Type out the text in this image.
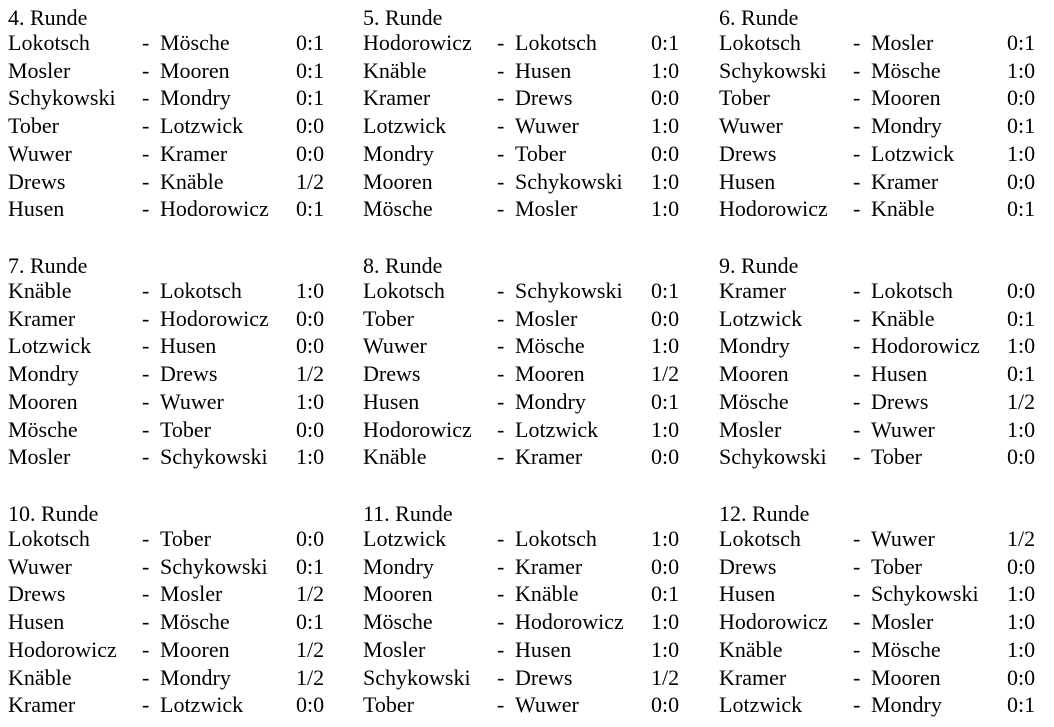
4. Runde
Lokotsch - Mösche	0:1
Mosler	- Mooren	0:1
Schykowski - Mondry	0:1
Tober	- Lotzwick 0:0
Wuwer	- Kramer	0:0
Drews	- Knäble	1/2
Husen	- Hodorowicz 0:1
5. Runde
Hodorowicz - Lokotsch 0:1
Knäble	- Husen	1:0
Kramer	- Drews	0:0
Lotzwick - Wuwer	1:0
Mondry	- Tober	0:0
Mooren	- Schykowski 1:0
Mösche	- Mosler	1:0
6. Runde
Lokotsch - Mosler	0:1
Schykowski - Mösche	1:0
Tober	- Mooren	0:0
Wuwer	- Mondry	0:1
Drews	- Lotzwick 1:0
Husen	- Kramer	0:0
Hodorowicz - Knäble	0:1
7. Runde
Knäble	- Lokotsch 1:0
Kramer	- Hodorowicz 0:0
Lotzwick - Husen	0:0
Mondry	- Drews	1/2
Mooren	- Wuwer	1:0
Mösche	- Tober	0:0
Mosler	- Schykowski 1:0
8. Runde
Lokotsch - Schykowski 0:1
Tober	- Mosler	0:0
Wuwer	- Mösche	1:0
Drews	- Mooren	1/2
Husen	- Mondry	0:1
Hodorowicz - Lotzwick 1:0
Knäble	- Kramer	0:0
9. Runde
Kramer	- Lokotsch 0:0
Lotzwick - Knäble	0:1
Mondry	- Hodorowicz 1:0
Mooren	- Husen	0:1
Mösche	- Drews	1/2
Mosler	- Wuwer	1:0
Schykowski - Tober	0:0
10. Runde
Lokotsch - Tober	0:0
Wuwer	- Schykowski 0:1
Drews	- Mosler	1/2
Husen	- Mösche	0:1
Hodorowicz - Mooren	1/2
Knäble	- Mondry	1/2
Kramer	- Lotzwick 0:0
11. Runde
Lotzwick - Lokotsch 1:0
Mondry	- Kramer	0:0
Mooren	- Knäble	0:1
Mösche	- Hodorowicz 1:0
Mosler	- Husen	1:0
Schykowski - Drews	1/2
Tober	- Wuwer	0:0
12. Runde
Lokotsch - Wuwer	1/2
Drews	- Tober	0:0
Husen	- Schykowski 1:0
Hodorowicz - Mosler	1:0
Knäble	- Mösche	1:0
Kramer	- Mooren	0:0
Lotzwick - Mondry	0:1
